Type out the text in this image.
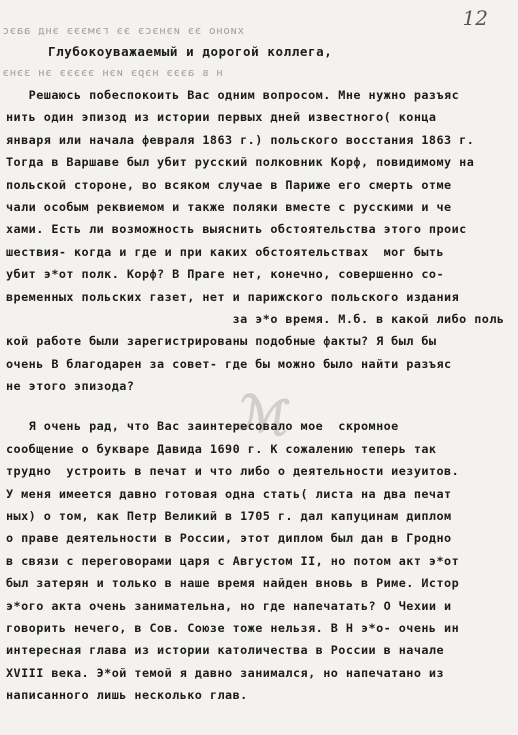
12
хионо ээ иэнэсэ ээ гэмэээ энд ааэс
н в аэээ нэрэ иэн эээээ эн зэнэ
Глубокоуважаемый и дорогой коллега,
ℳ
Решаюсь побеспокоить Вас одним вопросом. Мне нужно разъяс
нить один эпизод из истории первых дней известного( конца
января или начала февраля 1863 г.) польского восстания 1863 г.
Тогда в Варшаве был убит русский полковник Корф, повидимому на
польской стороне, во всяком случае в Париже его смерть отме
чали особым реквиемом и также поляки вместе с русскими и че
хами. Есть ли возможность выяснить обстоятельства этого проис
шествия- когда и где и при каких обстоятельствах  мог быть
убит э*от полк. Корф? В Праге нет, конечно, совершенно со-
временных польских газет, нет и парижского польского издания
за э*о время. М.б. в какой либо поль
кой работе были зарегистрированы подобные факты? Я был бы
очень В благодарен за совет- где бы можно было найти разъяс
не этого эпизода?
Я очень рад, что Вас заинтересовало мое  скромное
сообщение о букваре Давида 1690 г. К сожалению теперь так
трудно  устроить в печат и что либо о деятельности иезуитов.
У меня имеется давно готовая одна стать( листа на два печат
ных) о том, как Петр Великий в 1705 г. дал капуцинам диплом
о праве деятельности в России, этот диплом был дан в Гродно
в связи с переговорами царя с Августом II, но потом акт э*от
был затерян и только в наше время найден вновь в Риме. Истор
э*ого акта очень занимательна, но где напечатать? О Чехии и
говорить нечего, в Сов. Союзе тоже нельзя. В Н э*о- очень ин
интересная глава из истории католичества в России в начале
XVIII века. Э*ой темой я давно занимался, но напечатано из
написанного лишь несколько глав.
